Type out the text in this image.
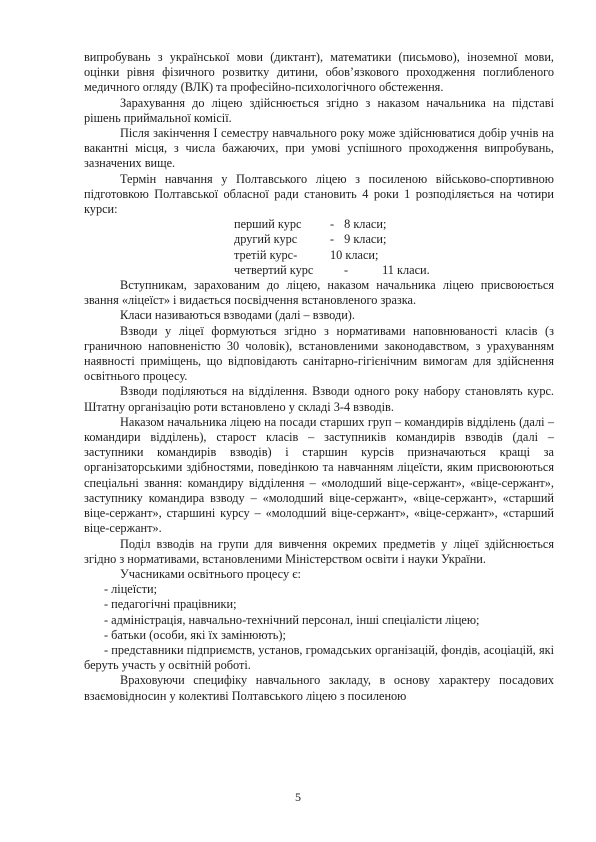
випробувань з української мови (диктант), математики (письмово), іноземної мови, оцінки рівня фізичного розвитку дитини, обов’язкового проходження поглибленого медичного огляду (ВЛК) та професійно-психологічного обстеження.

Зарахування до ліцею здійснюється згідно з наказом начальника на підставі рішень приймальної комісії.

Після закінчення І семестру навчального року може здійснюватися добір учнів на вакантні місця, з числа бажаючих, при умові успішного проходження випробувань, зазначених вище.

Термін навчання у Полтавського ліцею з посиленою військово-спортивною підготовкою Полтавської обласної ради становить 4 роки 1 розподіляється на чотири курси:

перший курс	- 8 класи;
другий курс	- 9 класи;
третій курс-	10 класи;
четвертий курс	-	11 класи.

Вступникам, зарахованим до ліцею, наказом начальника ліцею присвоюється звання «ліцеїст» і видається посвідчення встановленого зразка.

Класи називаються взводами (далі – взводи).

Взводи у ліцеї формуються згідно з нормативами наповнюваності класів (з граничною наповненістю 30 чоловік), встановленими законодавством, з урахуванням наявності приміщень, що відповідають санітарно-гігієнічним вимогам для здійснення освітнього процесу.

Взводи поділяються на відділення. Взводи одного року набору становлять курс. Штатну організацію роти встановлено у складі 3-4 взводів.

Наказом начальника ліцею на посади старших груп – командирів відділень (далі – командири відділень), старост класів – заступників командирів взводів (далі – заступники командирів взводів) і старшин курсів призначаються кращі за організаторськими здібностями, поведінкою та навчанням ліцеїсти, яким присвоюються спеціальні звання: командиру відділення – «молодший віце-сержант», «віце-сержант», заступнику командира взводу – «молодший віце-сержант», «віце-сержант», «старший віце-сержант», старшині курсу – «молодший віце-сержант», «віце-сержант», «старший віце-сержант».

Поділ взводів на групи для вивчення окремих предметів у ліцеї здійснюється згідно з нормативами, встановленими Міністерством освіти і науки України.

Учасниками освітнього процесу є:

- ліцеїсти;

- педагогічні працівники;

- адміністрація, навчально-технічний персонал, інші спеціалісти ліцею;

- батьки (особи, які їх замінюють);

- представники підприємств, установ, громадських організацій, фондів, асоціацій, які беруть участь у освітній роботі.

Враховуючи специфіку навчального закладу, в основу характеру посадових взаємовідносин у колективі Полтавського ліцею з посиленою

5
